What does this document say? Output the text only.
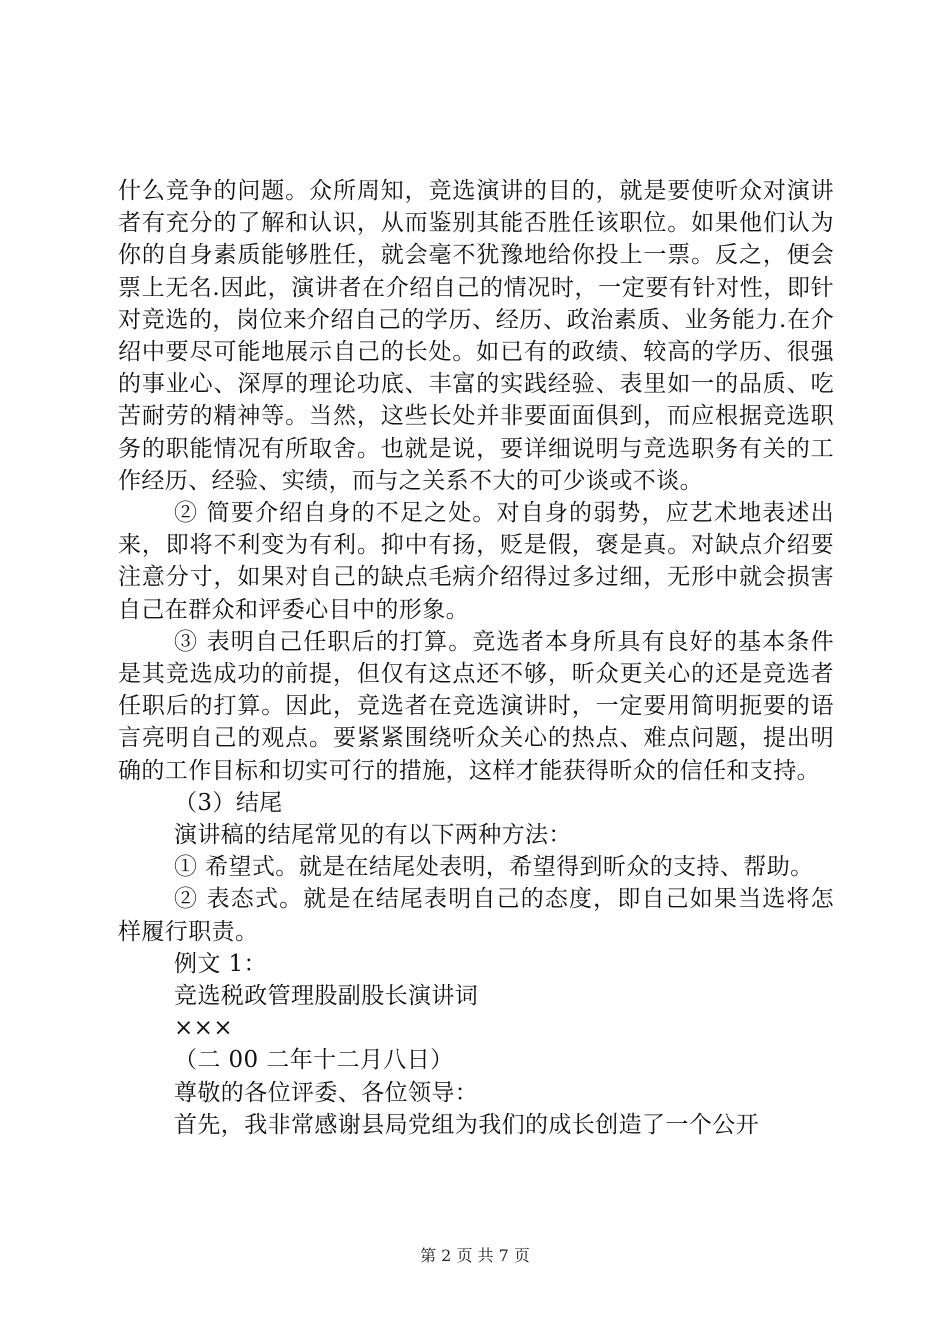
什么竞争的问题。众所周知，竞选演讲的目的，就是要使听众对演讲者有充分的了解和认识，从而鉴别其能否胜任该职位。如果他们认为你的自身素质能够胜任，就会毫不犹豫地给你投上一票。反之，便会票上无名.因此，演讲者在介绍自己的情况时，一定要有针对性，即针对竞选的，岗位来介绍自己的学历、经历、政治素质、业务能力.在介绍中要尽可能地展示自己的长处。如已有的政绩、较高的学历、很强的事业心、深厚的理论功底、丰富的实践经验、表里如一的品质、吃苦耐劳的精神等。当然，这些长处并非要面面俱到，而应根据竞选职务的职能情况有所取舍。也就是说，要详细说明与竞选职务有关的工作经历、经验、实绩，而与之关系不大的可少谈或不谈。

② 简要介绍自身的不足之处。对自身的弱势，应艺术地表述出来，即将不利变为有利。抑中有扬，贬是假，褒是真。对缺点介绍要注意分寸，如果对自己的缺点毛病介绍得过多过细，无形中就会损害自己在群众和评委心目中的形象。

③ 表明自己任职后的打算。竞选者本身所具有良好的基本条件是其竞选成功的前提，但仅有这点还不够，昕众更关心的还是竞选者任职后的打算。因此，竞选者在竞选演讲时，一定要用简明扼要的语言亮明自己的观点。要紧紧围绕听众关心的热点、难点问题，提出明确的工作目标和切实可行的措施，这样才能获得昕众的信任和支持。

（3）结尾

演讲稿的结尾常见的有以下两种方法：

① 希望式。就是在结尾处表明，希望得到昕众的支持、帮助。

② 表态式。就是在结尾表明自己的态度，即自己如果当选将怎样履行职责。

例文 1：

竞选税政管理股副股长演讲词

×××

（二 00 二年十二月八日）

尊敬的各位评委、各位领导：

首先，我非常感谢县局党组为我们的成长创造了一个公开

第 2 页 共 7 页
